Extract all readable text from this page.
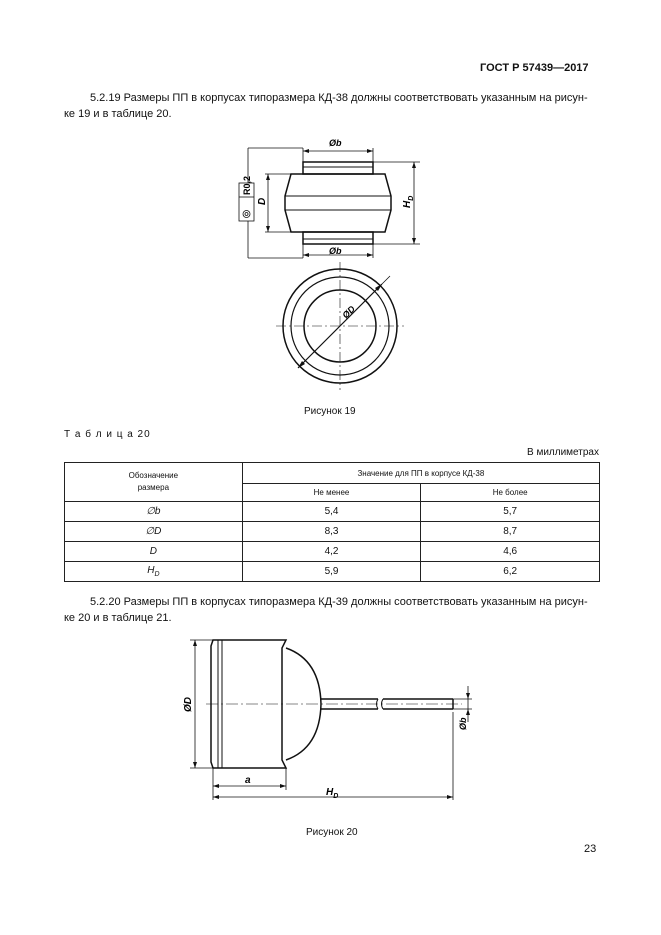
ГОСТ Р 57439—2017
5.2.19 Размеры ПП в корпусах типоразмера КД-38 должны соответствовать указанным на рисун-
ке 19 и в таблице 20.
Øb
Øb
R0,2
D	$H_D$
ØD
Рисунок 19
Т а б л и ц а 20
В миллиметрах
Обозначение
размера	Значение для ПП в корпусе КД-38	
	Не менее	Не более
∅b	5,4	5,7
∅D	8,3	8,7
D	4,2	4,6
$H_D$	5,9	6,2
5.2.20 Размеры ПП в корпусах типоразмера КД-39 должны соответствовать указанным на рисун-
ке 20 и в таблице 21.
ØD
a
$H_D$
Øb
Рисунок 20
23
